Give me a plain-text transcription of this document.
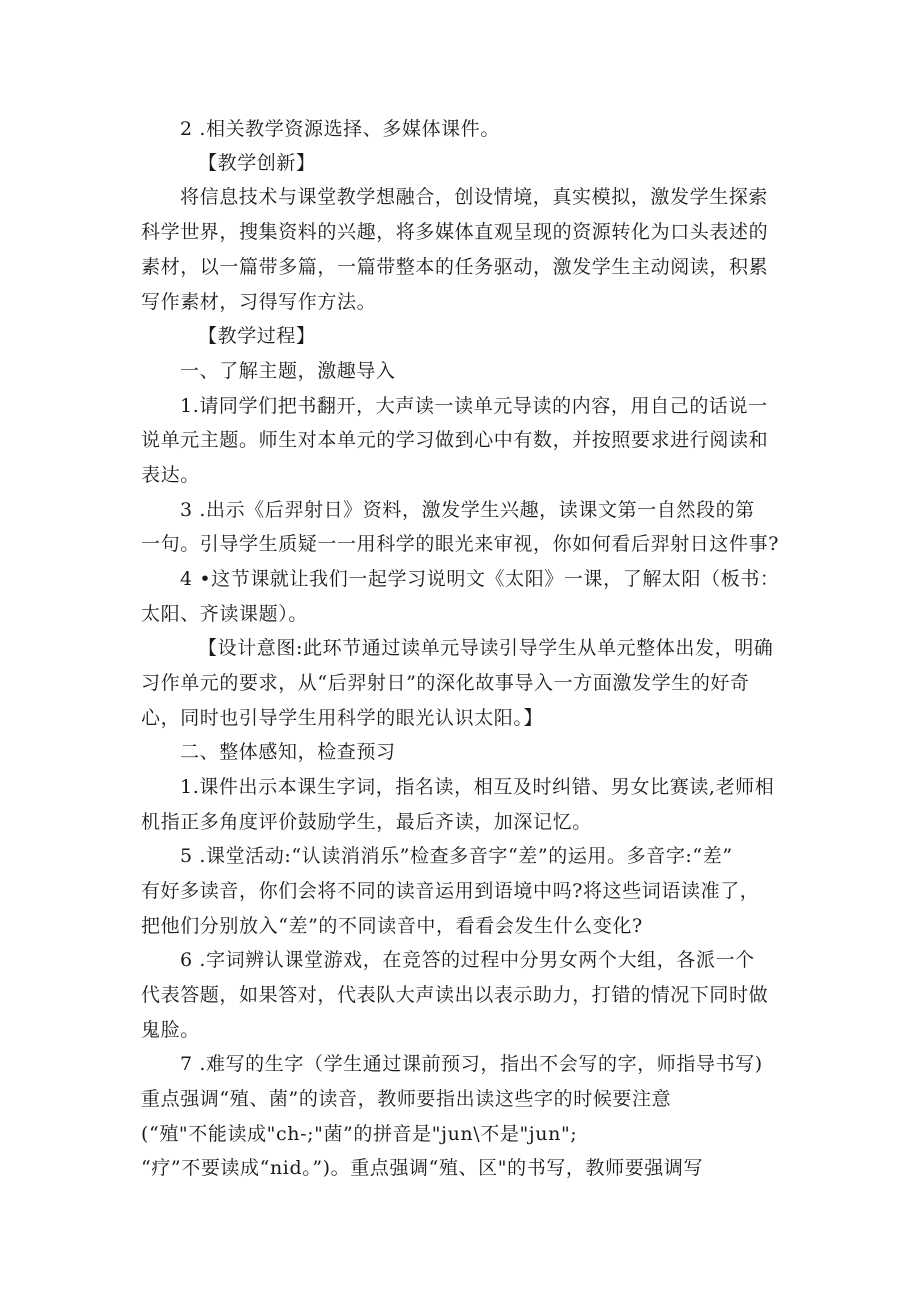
2 .相关教学资源选择、多媒体课件。
【教学创新】
将信息技术与课堂教学想融合，创设情境，真实模拟，激发学生探索
科学世界，搜集资料的兴趣，将多媒体直观呈现的资源转化为口头表述的
素材，以一篇带多篇，一篇带整本的任务驱动，激发学生主动阅读，积累
写作素材，习得写作方法。
【教学过程】
一、了解主题，激趣导入
1.请同学们把书翻开，大声读一读单元导读的内容，用自己的话说一
说单元主题。师生对本单元的学习做到心中有数，并按照要求进行阅读和
表达。
3 .出示《后羿射日》资料，激发学生兴趣，读课文第一自然段的第
一句。引导学生质疑一一用科学的眼光来审视，你如何看后羿射日这件事?
4 •这节课就让我们一起学习说明文《太阳》一课，了解太阳（板书：
太阳、齐读课题）。
【设计意图:此环节通过读单元导读引导学生从单元整体出发，明确
习作单元的要求，从“后羿射日”的深化故事导入一方面激发学生的好奇
心，同时也引导学生用科学的眼光认识太阳。】
二、整体感知，检查预习
1.课件出示本课生字词，指名读，相互及时纠错、男女比赛读,老师相
机指正多角度评价鼓励学生，最后齐读，加深记忆。
5 .课堂活动:“认读消消乐”检查多音字“差”的运用。多音字:“差”
有好多读音，你们会将不同的读音运用到语境中吗?将这些词语读准了，
把他们分别放入“差”的不同读音中，看看会发生什么变化?
6 .字词辨认课堂游戏，在竞答的过程中分男女两个大组，各派一个
代表答题，如果答对，代表队大声读出以表示助力，打错的情况下同时做
鬼脸。
7 .难写的生字（学生通过课前预习，指出不会写的字，师指导书写)
重点强调“殖、菌”的读音，教师要指出读这些字的时候要注意
(“殖"不能读成"ch-;"菌”的拼音是"jun\不是"jun";
“疗”不要读成“nid。”)。重点强调“殖、区"的书写，教师要强调写
